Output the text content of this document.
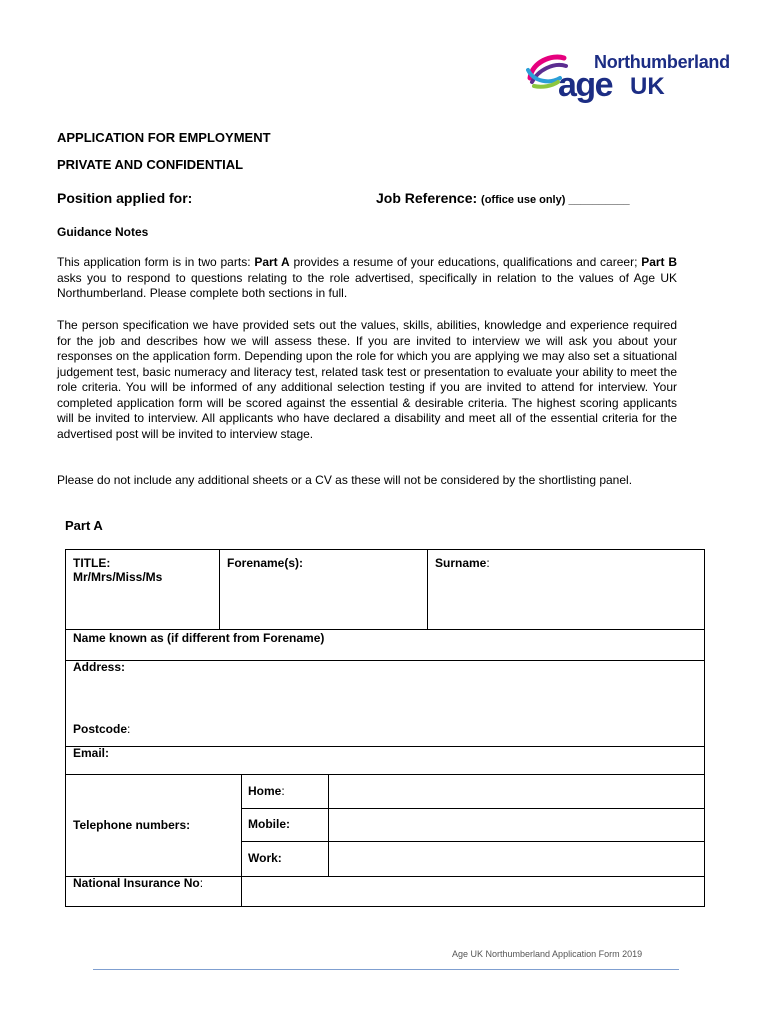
Northumberland
age UK
APPLICATION FOR EMPLOYMENT
PRIVATE AND CONFIDENTIAL
Position applied for:	Job Reference: (office use only) __________
Guidance Notes
This application form is in two parts: Part A provides a resume of your educations, qualifications and career; Part B asks you to respond to questions relating to the role advertised, specifically in relation to the values of Age UK Northumberland. Please complete both sections in full.
The person specification we have provided sets out the values, skills, abilities, knowledge and experience required for the job and describes how we will assess these. If you are invited to interview we will ask you about your responses on the application form. Depending upon the role for which you are applying we may also set a situational judgement test, basic numeracy and literacy test, related task test or presentation to evaluate your ability to meet the role criteria. You will be informed of any additional selection testing if you are invited to attend for interview. Your completed application form will be scored against the essential & desirable criteria. The highest scoring applicants will be invited to interview. All applicants who have declared a disability and meet all of the essential criteria for the advertised post will be invited to interview stage.
Please do not include any additional sheets or a CV as these will not be considered by the shortlisting panel.
Part A
TITLE:
Mr/Mrs/Miss/Ms
Forename(s):	Surname:
Name known as (if different from Forename)
Address:
Postcode:
Email:
Telephone numbers:
Home:
Mobile:
Work:
National Insurance No:
Age UK Northumberland Application Form 2019
